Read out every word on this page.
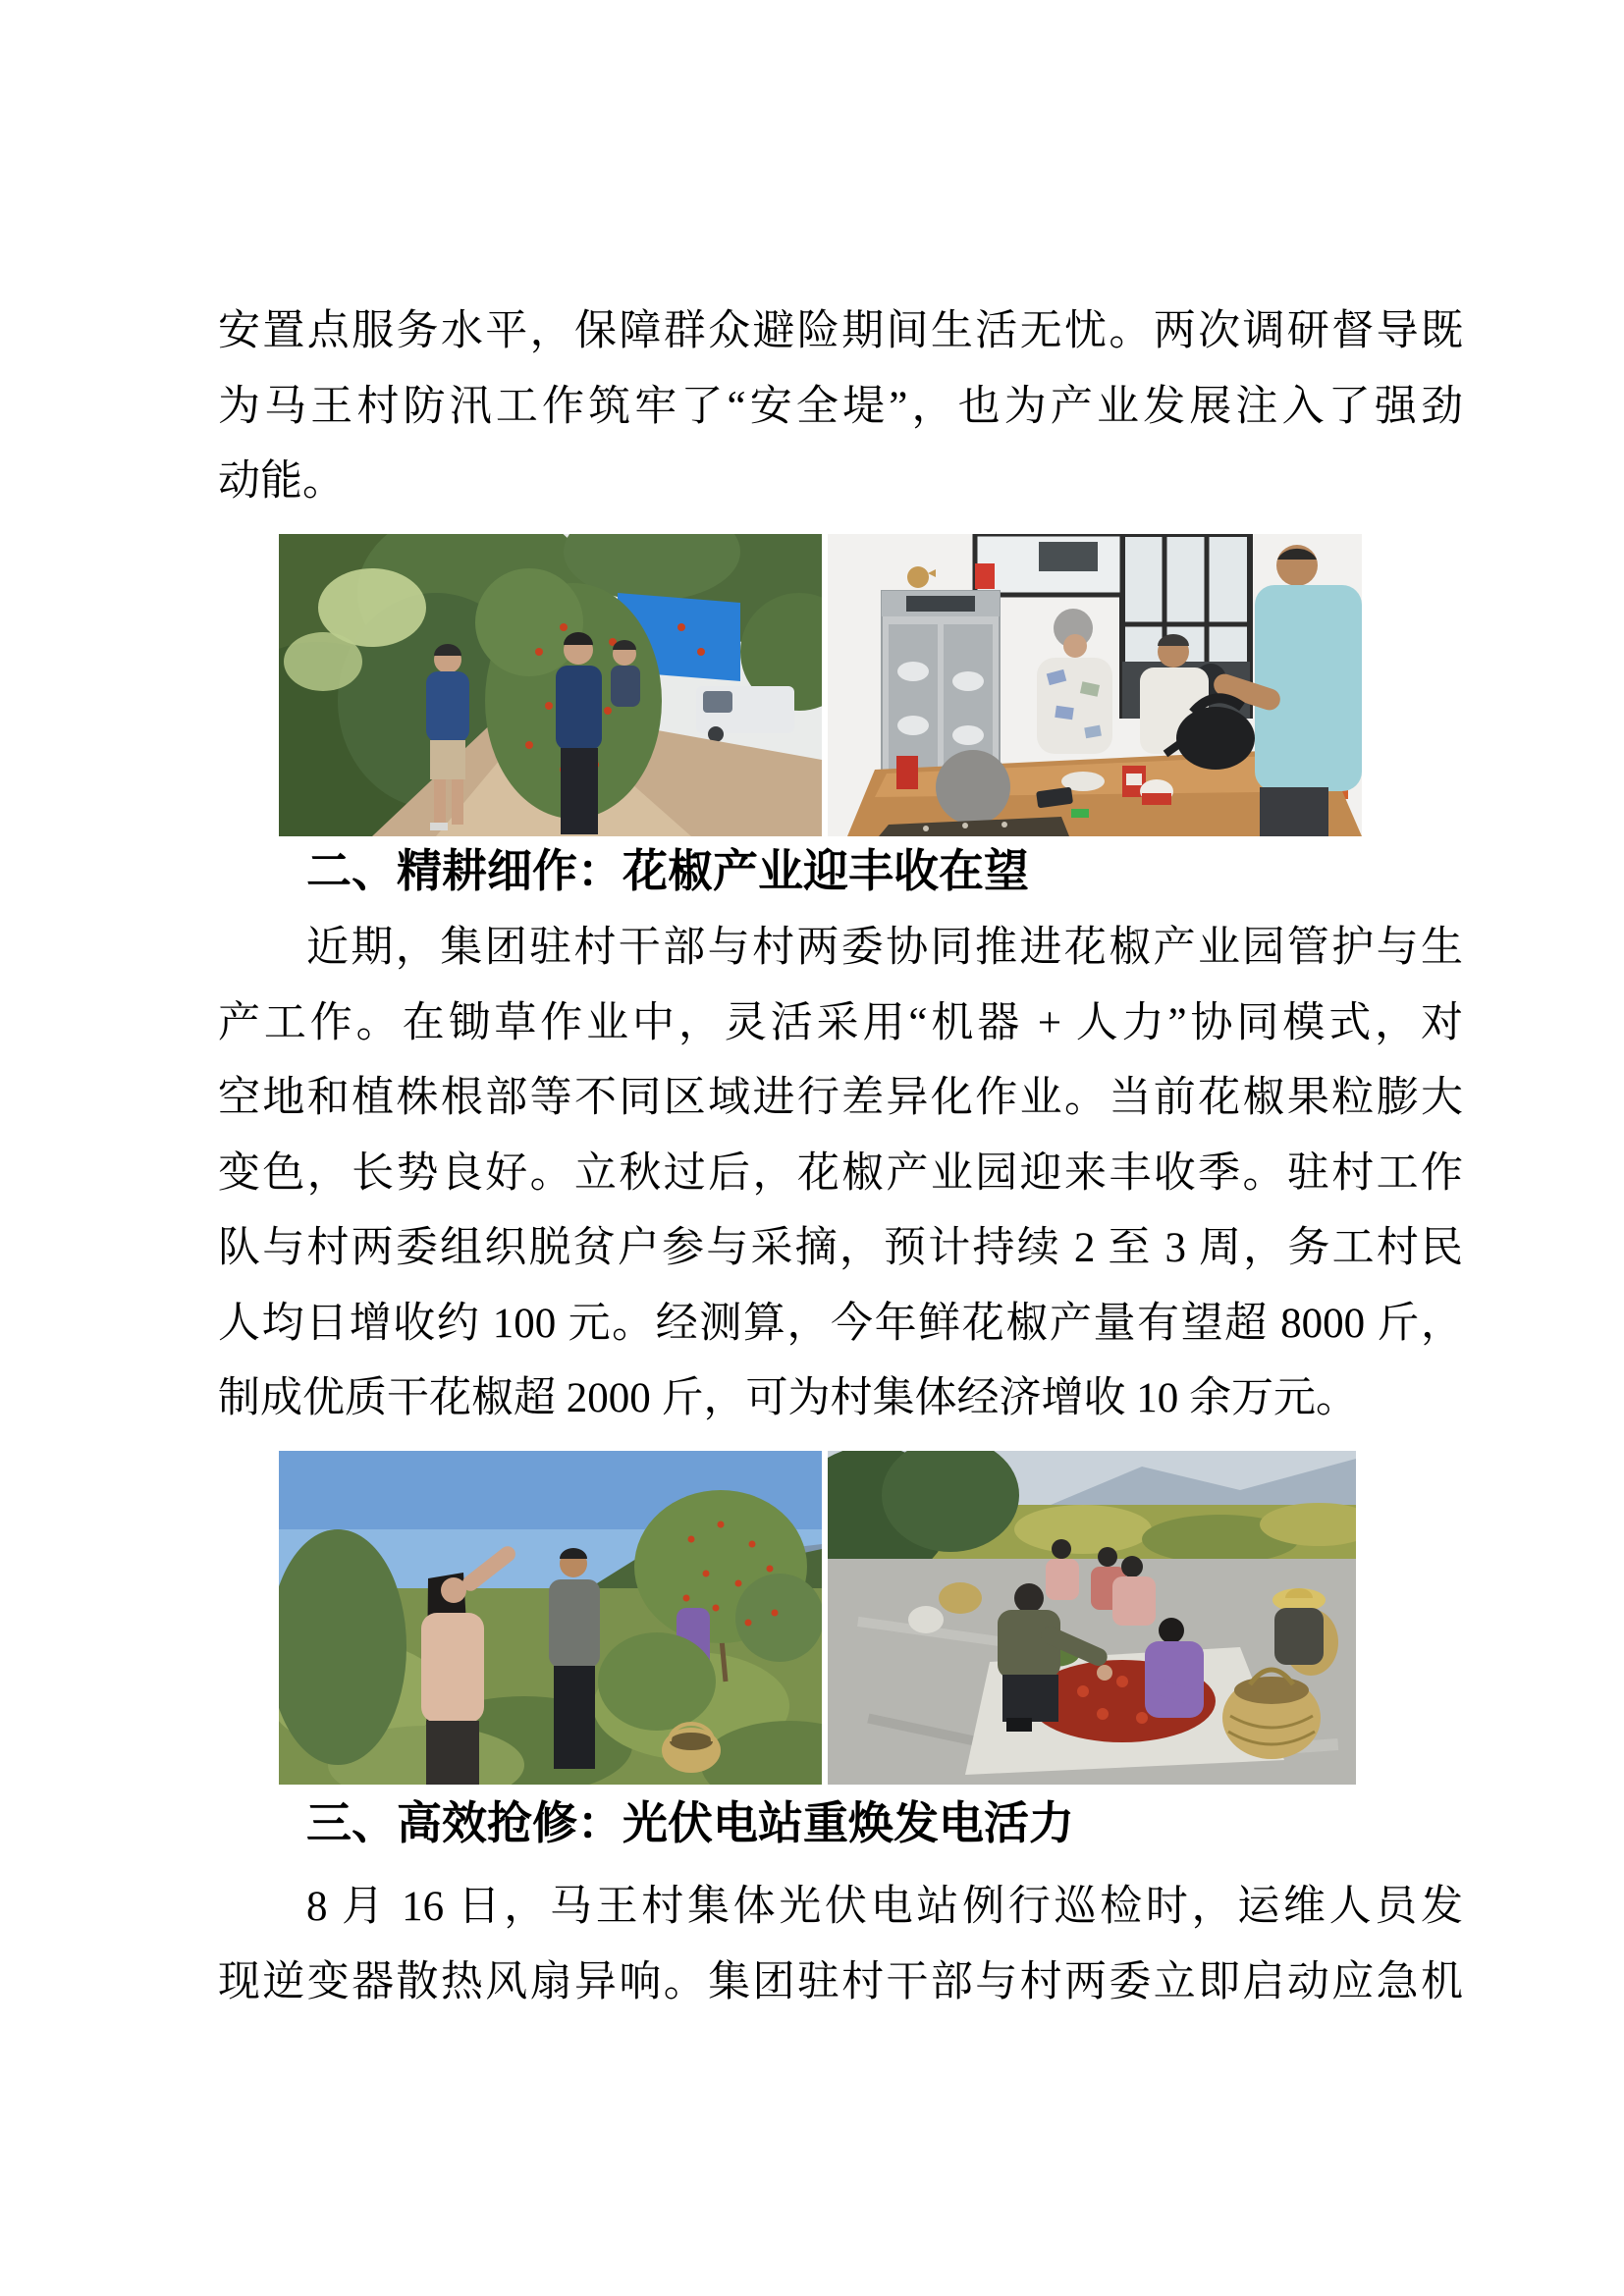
安置点服务水平，保障群众避险期间生活无忧。两次调研督导既
为马王村防汛工作筑牢了“安全堤”，也为产业发展注入了强劲
动能。
二、精耕细作：花椒产业迎丰收在望
近期，集团驻村干部与村两委协同推进花椒产业园管护与生
产工作。在锄草作业中，灵活采用“机器 + 人力”协同模式，对
空地和植株根部等不同区域进行差异化作业。当前花椒果粒膨大
变色，长势良好。立秋过后，花椒产业园迎来丰收季。驻村工作
队与村两委组织脱贫户参与采摘，预计持续 2 至 3 周，务工村民
人均日增收约 100 元。经测算，今年鲜花椒产量有望超 8000 斤，
制成优质干花椒超 2000 斤，可为村集体经济增收 10 余万元。
三、高效抢修：光伏电站重焕发电活力
8 月 16 日，马王村集体光伏电站例行巡检时，运维人员发
现逆变器散热风扇异响。集团驻村干部与村两委立即启动应急机
